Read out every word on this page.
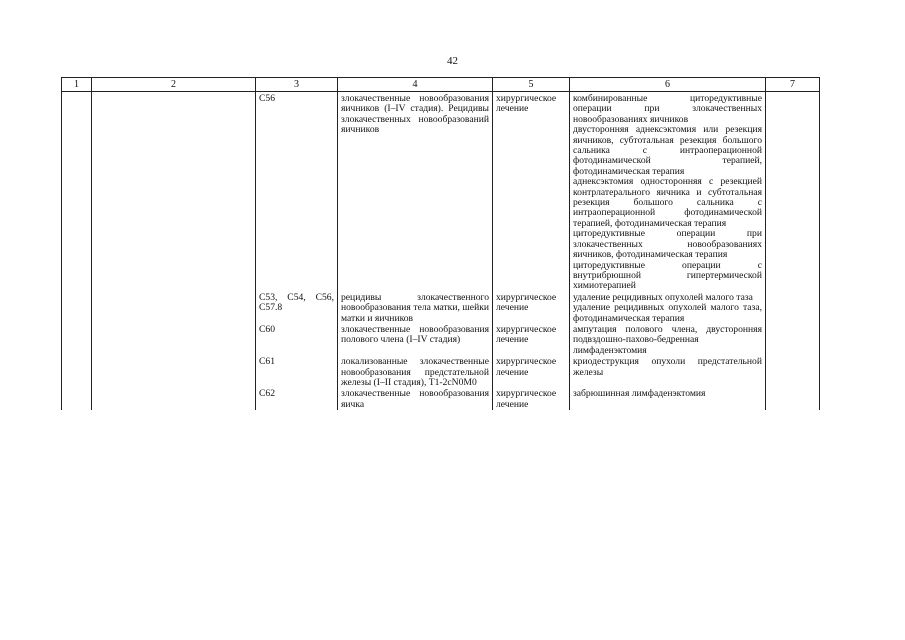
42
1	2	3	4	5	6	7
		C56	злокачественные новообразования яичников (I–IV стадия). Рецидивы злокачественных новообразований яичников	хирургическое лечение	комбинированные циторедуктивные операции при злокачественных новообразованиях яичников
двусторонняя аднексэктомия или резекция яичников, субтотальная резекция большого сальника с интраоперационной фотодинамической терапией, фотодинамическая терапия
аднексэктомия односторонняя с резекцией контрлатерального яичника и субтотальная резекция большого сальника с интраоперационной фотодинамической терапией, фотодинамическая терапия
циторедуктивные операции при злокачественных новообразованиях яичников, фотодинамическая терапия
циторедуктивные операции с внутрибрюшной гипертермической химиотерапией	

		C53, C54, C56, C57.8	рецидивы злокачественного новообразования тела матки, шейки матки и яичников	хирургическое лечение	удаление рецидивных опухолей малого таза
удаление рецидивных опухолей малого таза, фотодинамическая терапия	

		C60	злокачественные новообразования полового члена (I–IV стадия)	хирургическое лечение	ампутация полового члена, двусторонняя подвздошно-пахово-бедренная лимфаденэктомия	

		C61	локализованные злокачественные новообразования предстательной железы (I–II стадия), T1-2cN0M0	хирургическое лечение	криодеструкция опухоли предстательной железы	

		C62	злокачественные новообразования яичка	хирургическое лечение	забрюшинная лимфаденэктомия	
